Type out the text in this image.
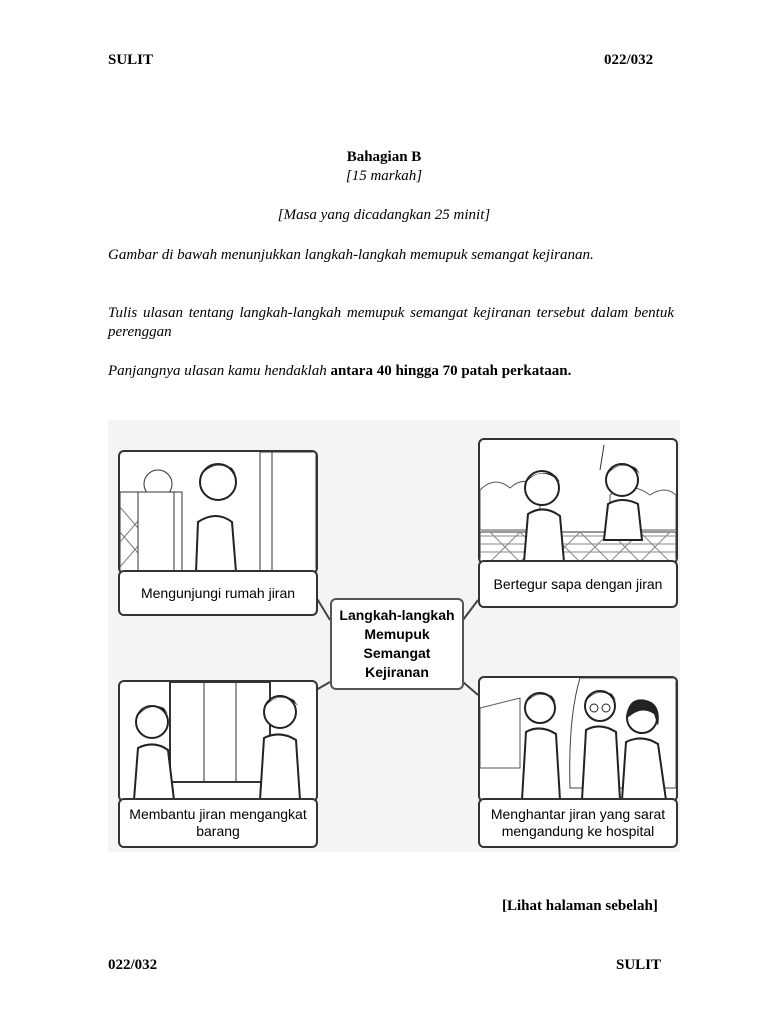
SULIT	022/032
Bahagian B
[15 markah]
[Masa yang dicadangkan 25 minit]
Gambar di bawah menunjukkan langkah-langkah memupuk semangat kejiranan.
Tulis ulasan tentang langkah-langkah memupuk semangat kejiranan tersebut dalam bentuk perenggan
Panjangnya ulasan kamu hendaklah antara 40 hingga 70 patah perkataan.
Mengunjungi rumah jiran
Bertegur sapa dengan jiran
Langkah-langkah
Memupuk
Semangat
Kejiranan
Membantu jiran mengangkat
barang
Menghantar jiran yang sarat
mengandung ke hospital
[Lihat halaman sebelah]
022/032	SULIT
